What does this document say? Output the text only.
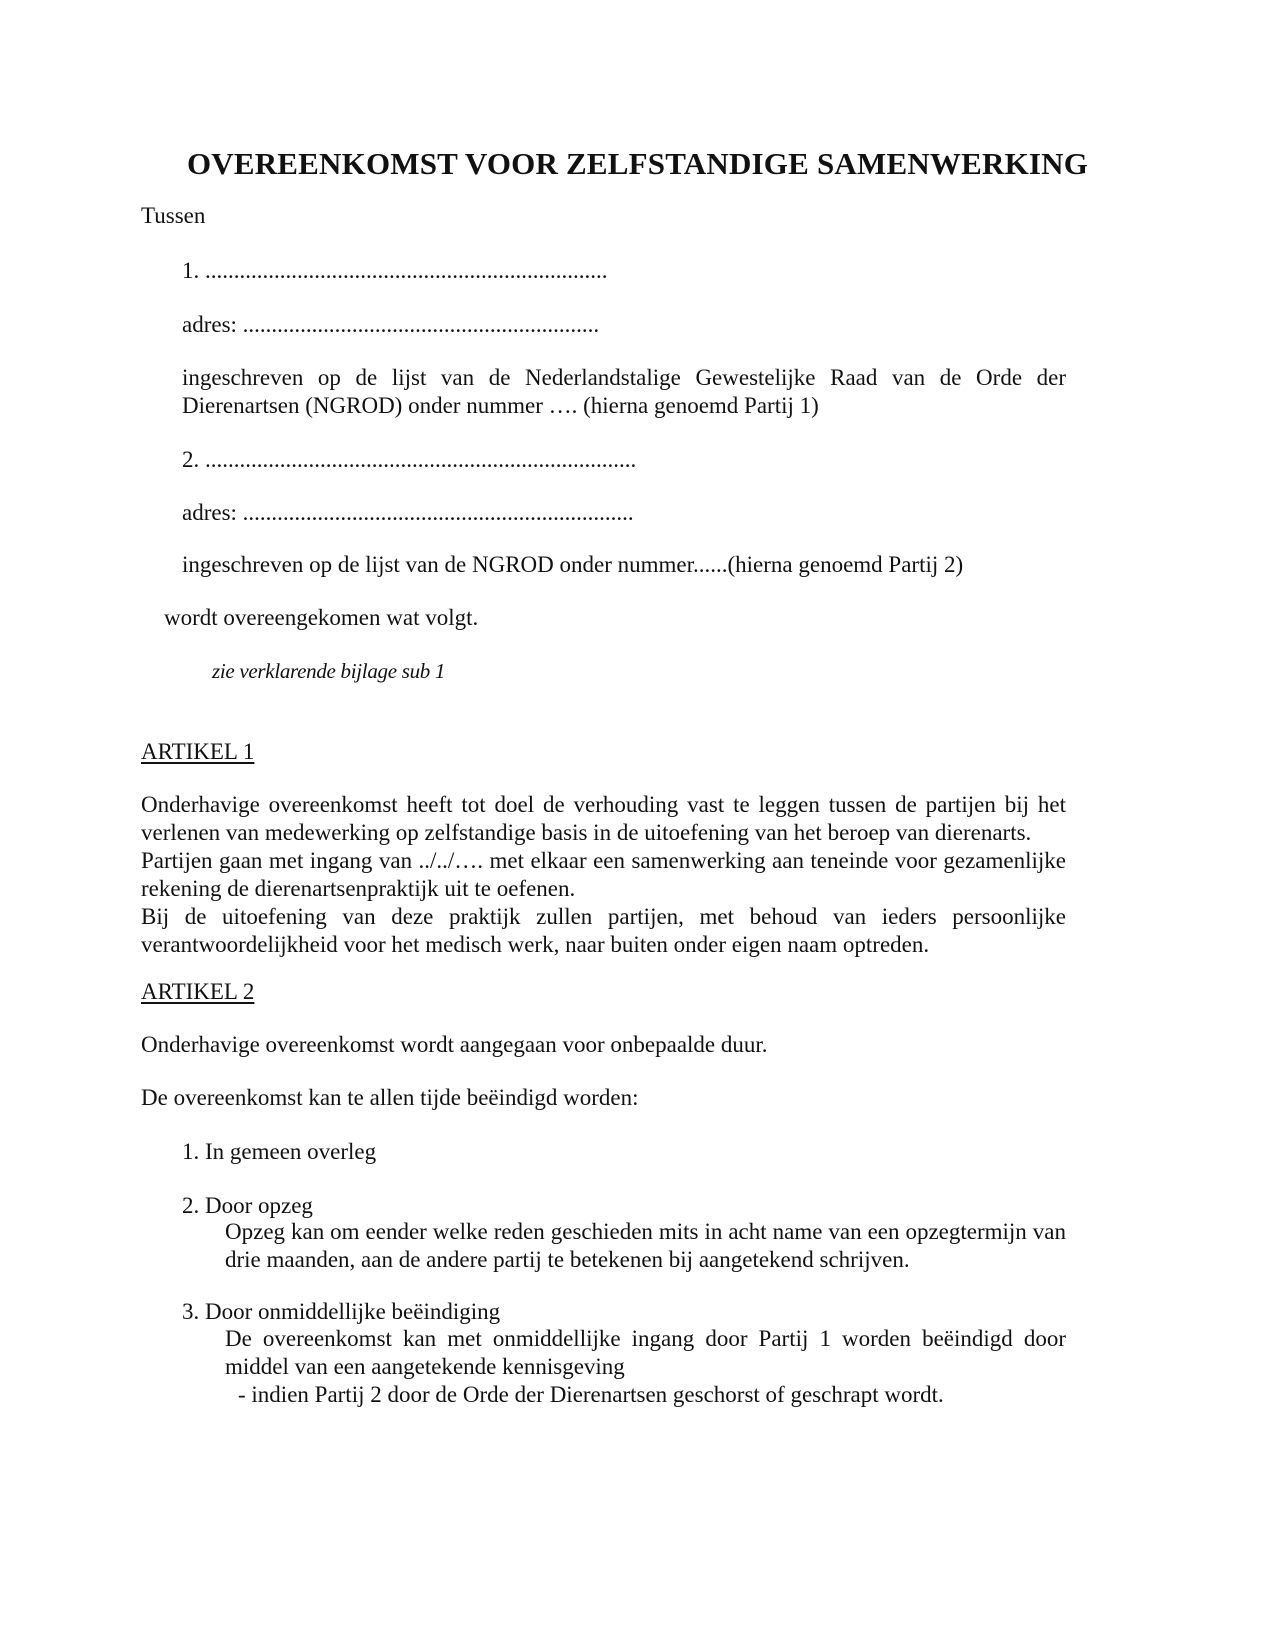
OVEREENKOMST VOOR ZELFSTANDIGE SAMENWERKING
Tussen
1. ......................................................................
adres: ..............................................................
ingeschreven op de lijst van de Nederlandstalige Gewestelijke Raad van de Orde der
Dierenartsen (NGROD) onder nummer …. (hierna genoemd Partij 1)
2. ...........................................................................
adres: ....................................................................
ingeschreven op de lijst van de NGROD onder nummer......(hierna genoemd Partij 2)
wordt overeengekomen wat volgt.
zie verklarende bijlage sub 1
ARTIKEL 1
Onderhavige overeenkomst heeft tot doel de verhouding vast te leggen tussen de partijen bij het
verlenen van medewerking op zelfstandige basis in de uitoefening van het beroep van dierenarts.
Partijen gaan met ingang van ../../…. met elkaar een samenwerking aan teneinde voor gezamenlijke
rekening de dierenartsenpraktijk uit te oefenen.
Bij de uitoefening van deze praktijk zullen partijen, met behoud van ieders persoonlijke
verantwoordelijkheid voor het medisch werk, naar buiten onder eigen naam optreden.
ARTIKEL 2
Onderhavige overeenkomst wordt aangegaan voor onbepaalde duur.
De overeenkomst kan te allen tijde beëindigd worden:
1. In gemeen overleg
2. Door opzeg
Opzeg kan om eender welke reden geschieden mits in acht name van een opzegtermijn van
drie maanden, aan de andere partij te betekenen bij aangetekend schrijven.
3. Door onmiddellijke beëindiging
De overeenkomst kan met onmiddellijke ingang door Partij 1 worden beëindigd door
middel van een aangetekende kennisgeving
- indien Partij 2 door de Orde der Dierenartsen geschorst of geschrapt wordt.
